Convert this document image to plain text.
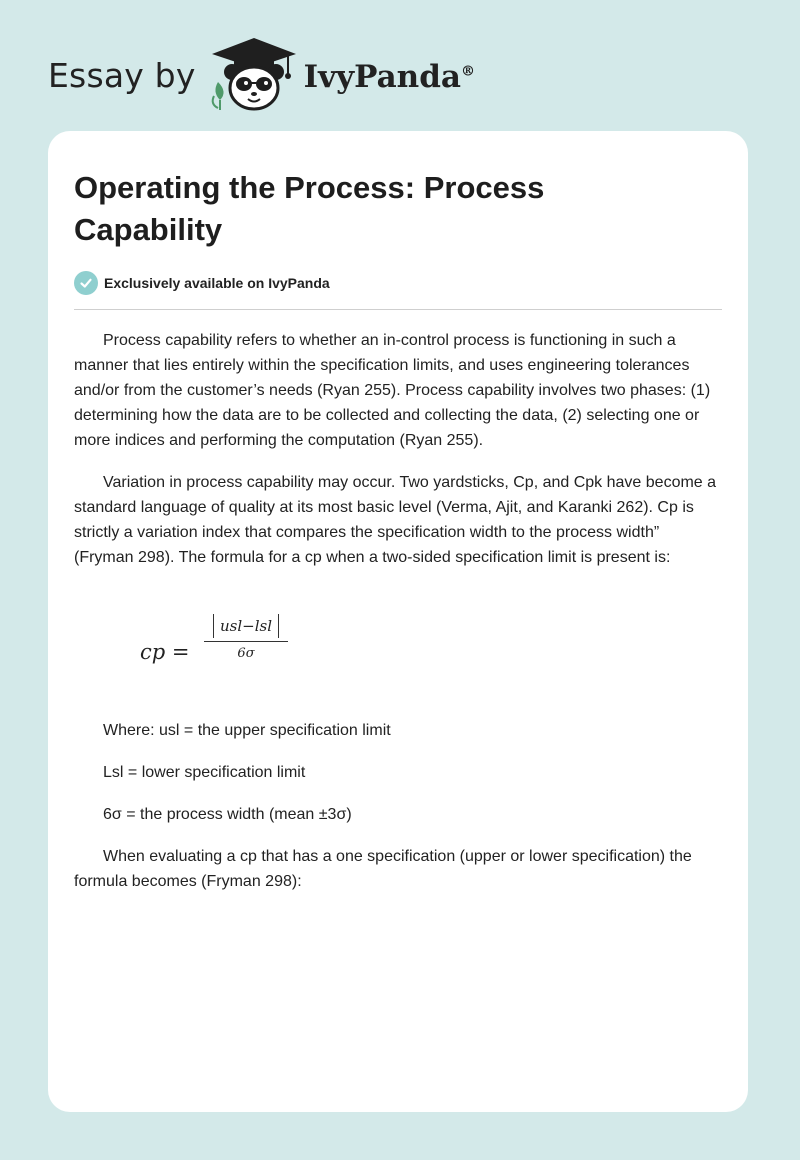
Essay by	IvyPanda®
Operating the Process: Process Capability
Exclusively available on IvyPanda

Process capability refers to whether an in-control process is functioning in such a manner that lies entirely within the specification limits, and uses engineering tolerances and/or from the customer’s needs (Ryan 255). Process capability involves two phases: (1) determining how the data are to be collected and collecting the data, (2) selecting one or more indices and performing the computation (Ryan 255).

Variation in process capability may occur. Two yardsticks, Cp, and Cpk have become a standard language of quality at its most basic level (Verma, Ajit, and Karanki 262). Cp is strictly a variation index that compares the specification width to the process width” (Fryman 298). The formula for a cp when a two-sided specification limit is present is:

cp =
usl−lsl
6σ

Where: usl = the upper specification limit

Lsl = lower specification limit

6σ = the process width (mean ±3σ)

When evaluating a cp that has a one specification (upper or lower specification) the formula becomes (Fryman 298):
